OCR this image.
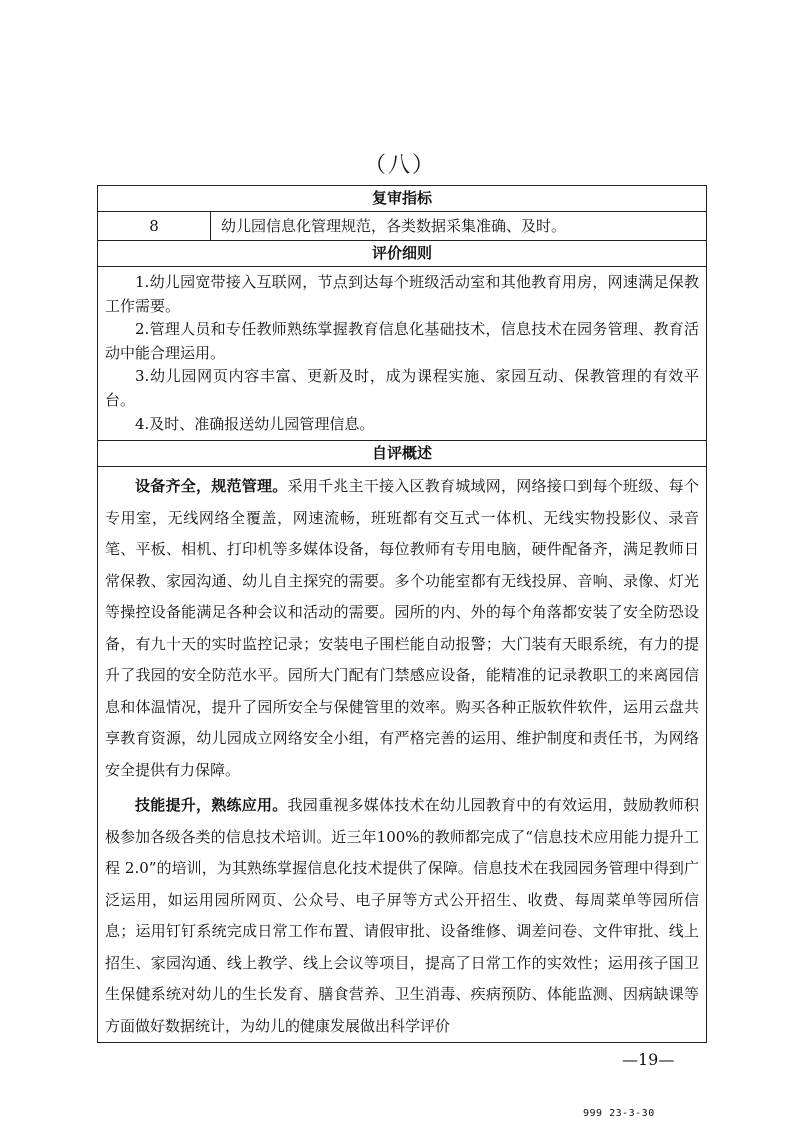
（八）
复审指标
8	幼儿园信息化管理规范，各类数据采集准确、及时。
评价细则

1.幼儿园宽带接入互联网，节点到达每个班级活动室和其他教育用房，网速满足保教工作需要。

2.管理人员和专任教师熟练掌握教育信息化基础技术，信息技术在园务管理、教育活动中能合理运用。

3.幼儿园网页内容丰富、更新及时，成为课程实施、家园互动、保教管理的有效平台。

4.及时、准确报送幼儿园管理信息。

自评概述

设备齐全，规范管理。采用千兆主干接入区教育城域网，网络接口到每个班级、每个专用室，无线网络全覆盖，网速流畅，班班都有交互式一体机、无线实物投影仪、录音笔、平板、相机、打印机等多媒体设备，每位教师有专用电脑，硬件配备齐，满足教师日常保教、家园沟通、幼儿自主探究的需要。多个功能室都有无线投屏、音响、录像、灯光等操控设备能满足各种会议和活动的需要。园所的内、外的每个角落都安装了安全防恐设备，有九十天的实时监控记录；安装电子围栏能自动报警；大门装有天眼系统，有力的提升了我园的安全防范水平。园所大门配有门禁感应设备，能精准的记录教职工的来离园信息和体温情况，提升了园所安全与保健管里的效率。购买各种正版软件软件，运用云盘共享教育资源，幼儿园成立网络安全小组，有严格完善的运用、维护制度和责任书，为网络安全提供有力保障。

技能提升，熟练应用。我园重视多媒体技术在幼儿园教育中的有效运用，鼓励教师积极参加各级各类的信息技术培训。近三年100%的教师都完成了“信息技术应用能力提升工程 2.0”的培训，为其熟练掌握信息化技术提供了保障。信息技术在我园园务管理中得到广泛运用，如运用园所网页、公众号、电子屏等方式公开招生、收费、每周菜单等园所信息；运用钉钉系统完成日常工作布置、请假审批、设备维修、调差问卷、文件审批、线上招生、家园沟通、线上教学、线上会议等项目，提高了日常工作的实效性；运用孩子国卫生保健系统对幼儿的生长发育、膳食营养、卫生消毒、疾病预防、体能监测、因病缺课等方面做好数据统计，为幼儿的健康发展做出科学评价

—19—
999 23-3-30
